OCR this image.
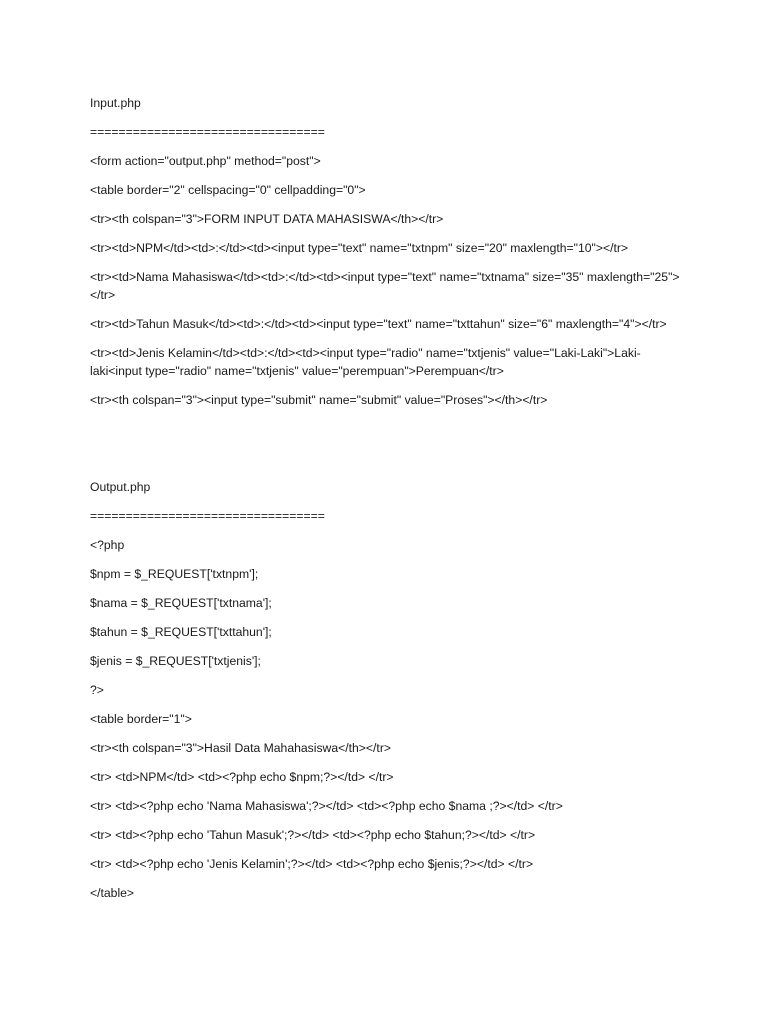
Input.php
=================================
<form action="output.php" method="post">
<table border="2" cellspacing="0" cellpadding="0">
<tr><th colspan="3">FORM INPUT DATA MAHASISWA</th></tr>
<tr><td>NPM</td><td>:</td><td><input type="text" name="txtnpm" size="20" maxlength="10"></tr>
<tr><td>Nama Mahasiswa</td><td>:</td><td><input type="text" name="txtnama" size="35" maxlength="25"></tr>
<tr><td>Tahun Masuk</td><td>:</td><td><input type="text" name="txttahun" size="6" maxlength="4"></tr>
<tr><td>Jenis Kelamin</td><td>:</td><td><input type="radio" name="txtjenis" value="Laki-Laki">Laki-laki<input type="radio" name="txtjenis" value="perempuan">Perempuan</tr>
<tr><th colspan="3"><input type="submit" name="submit" value="Proses"></th></tr>
Output.php
=================================
<?php
$npm = $_REQUEST['txtnpm'];
$nama = $_REQUEST['txtnama'];
$tahun = $_REQUEST['txttahun'];
$jenis = $_REQUEST['txtjenis'];
?>
<table border="1">
<tr><th colspan="3">Hasil Data Mahahasiswa</th></tr>
<tr> <td>NPM</td> <td><?php echo $npm;?></td> </tr>
<tr> <td><?php echo 'Nama Mahasiswa';?></td> <td><?php echo $nama ;?></td> </tr>
<tr> <td><?php echo 'Tahun Masuk';?></td> <td><?php echo $tahun;?></td> </tr>
<tr> <td><?php echo 'Jenis Kelamin';?></td> <td><?php echo $jenis;?></td> </tr>
</table>
